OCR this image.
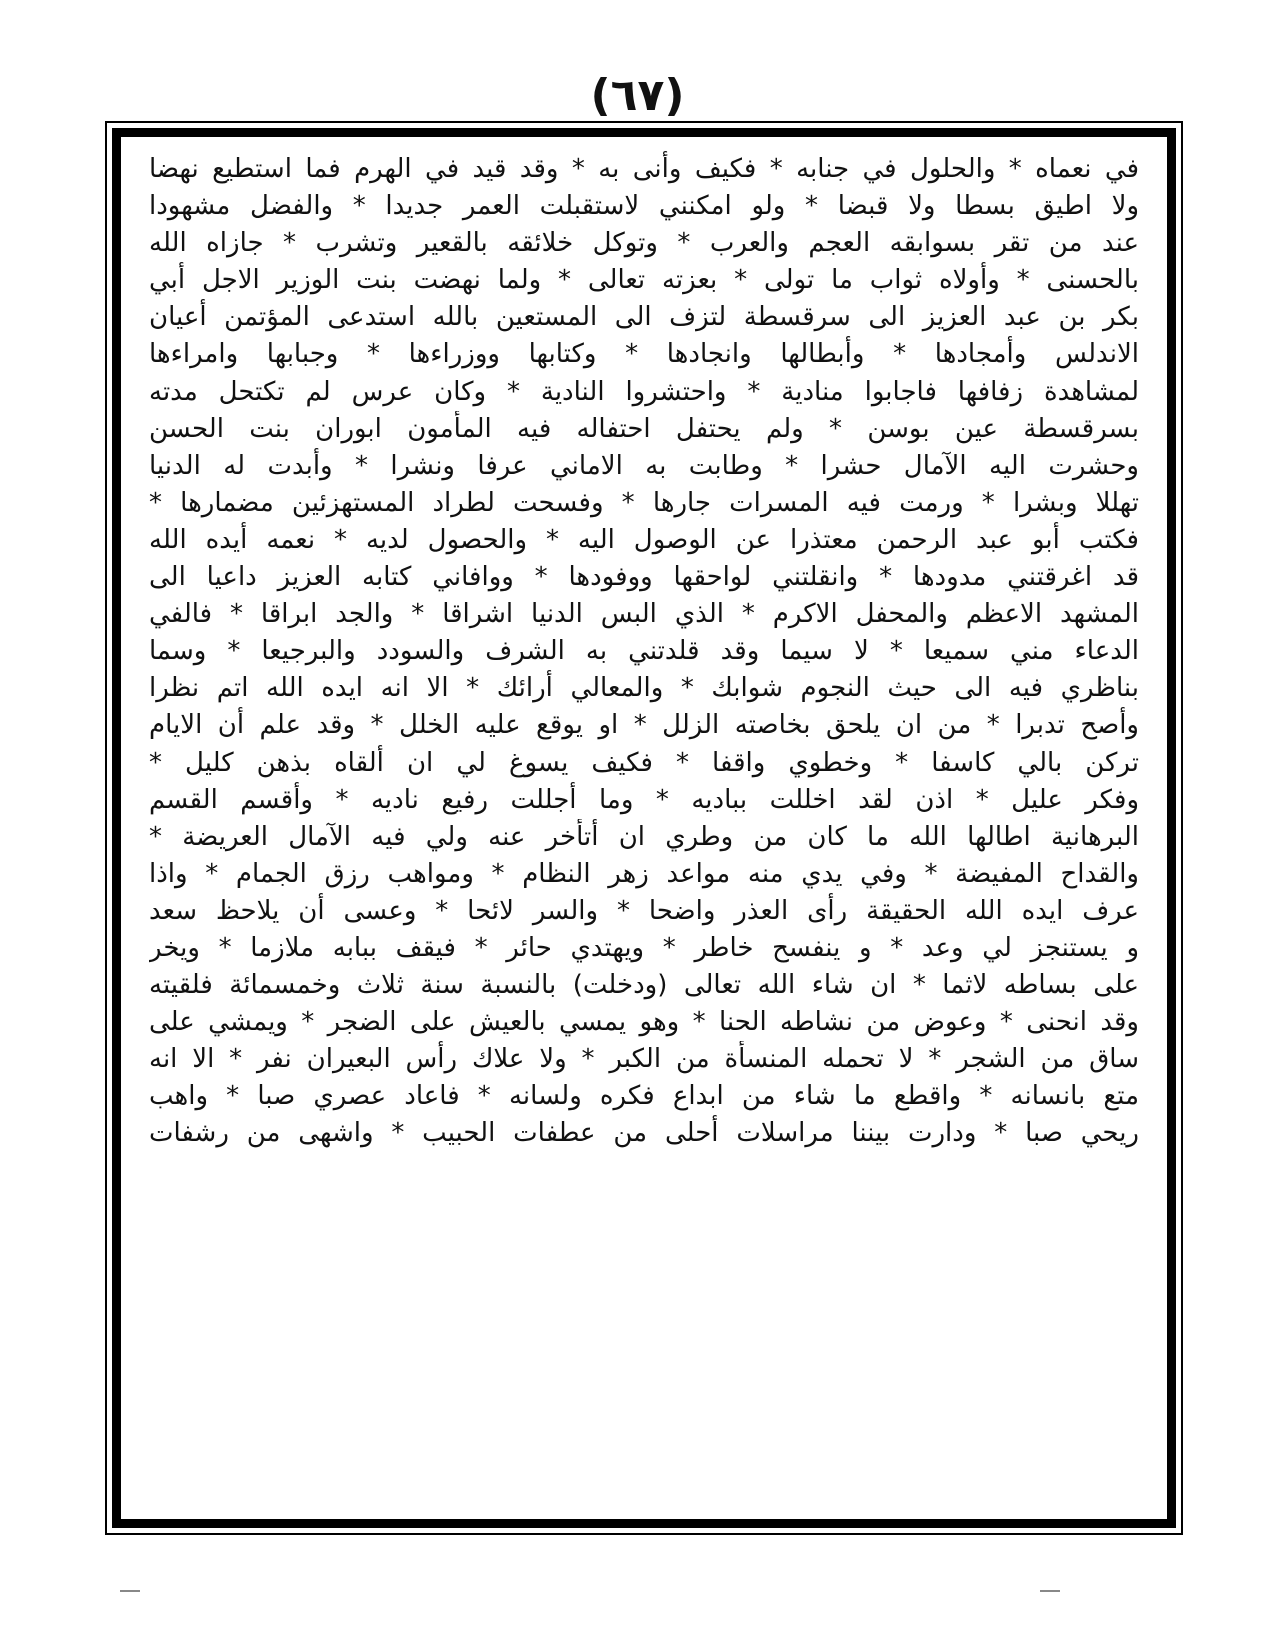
(٦٧)
في نعماه * والحلول في جنابه * فكيف وأنى به * وقد قيد في الهرم فما استطيع نهضا
ولا اطيق بسطا ولا قبضا * ولو امكنني لاستقبلت العمر جديدا * والفضل مشهودا
عند من تقر بسوابقه العجم والعرب * وتوكل خلائقه بالقعير وتشرب * جازاه الله
بالحسنى * وأولاه ثواب ما تولى * بعزته تعالى * ولما نهضت بنت الوزير الاجل أبي
بكر بن عبد العزيز الى سرقسطة لتزف الى المستعين بالله استدعى المؤتمن أعيان
الاندلس وأمجادها * وأبطالها وانجادها * وكتابها ووزراءها * وجبابها وامراءها
لمشاهدة زفافها فاجابوا منادية * واحتشروا النادية * وكان عرس لم تكتحل مدته
بسرقسطة عين بوسن * ولم يحتفل احتفاله فيه المأمون ابوران بنت الحسن
وحشرت اليه الآمال حشرا * وطابت به الاماني عرفا ونشرا * وأبدت له الدنيا
تهللا وبشرا * ورمت فيه المسرات جارها * وفسحت لطراد المستهزئين مضمارها *
فكتب أبو عبد الرحمن معتذرا عن الوصول اليه * والحصول لديه * نعمه أيده الله
قد اغرقتني مدودها * وانقلتني لواحقها ووفودها * ووافاني كتابه العزيز داعيا الى
المشهد الاعظم والمحفل الاكرم * الذي البس الدنيا اشراقا * والجد ابراقا * فالفي
الدعاء مني سميعا * لا سيما وقد قلدتني به الشرف والسودد والبرجيعا * وسما
بناظري فيه الى حيث النجوم شوابك * والمعالي أرائك * الا انه ايده الله اتم نظرا
وأصح تدبرا * من ان يلحق بخاصته الزلل * او يوقع عليه الخلل * وقد علم أن الايام
تركن بالي كاسفا * وخطوي واقفا * فكيف يسوغ لي ان ألقاه بذهن كليل *
وفكر عليل * اذن لقد اخللت بباديه * وما أجللت رفيع ناديه * وأقسم القسم
البرهانية اطالها الله ما كان من وطري ان أتأخر عنه ولي فيه الآمال العريضة *
والقداح المفيضة * وفي يدي منه مواعد زهر النظام * ومواهب رزق الجمام * واذا
عرف ايده الله الحقيقة رأى العذر واضحا * والسر لائحا * وعسى أن يلاحظ سعد
و يستنجز لي وعد * و ينفسح خاطر * ويهتدي حائر * فيقف ببابه ملازما * ويخر
على بساطه لاثما * ان شاء الله تعالى (ودخلت) بالنسبة سنة ثلاث وخمسمائة فلقيته
وقد انحنى * وعوض من نشاطه الحنا * وهو يمسي بالعيش على الضجر * ويمشي على
ساق من الشجر * لا تحمله المنسأة من الكبر * ولا علاك رأس البعيران نفر * الا انه
متع بانسانه * واقطع ما شاء من ابداع فكره ولسانه * فاعاد عصري صبا * واهب
ريحي صبا * ودارت بيننا مراسلات أحلى من عطفات الحبيب * واشهى من رشفات
